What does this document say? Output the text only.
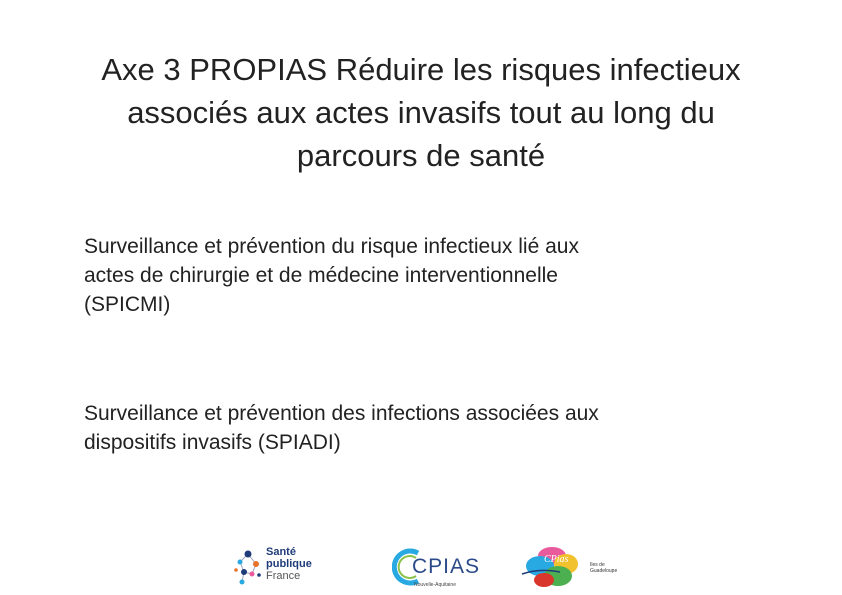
Axe 3 PROPIAS Réduire les risques infectieux
associés aux actes invasifs tout au long du
parcours de santé
Surveillance et prévention du risque infectieux lié aux
actes de chirurgie et de médecine interventionnelle
(SPICMI)
Surveillance et prévention des infections associées aux
dispositifs invasifs (SPIADI)
Santé
publique
France	CPIAS
Nouvelle-Aquitaine
CPias	Iles de Guadeloupe
